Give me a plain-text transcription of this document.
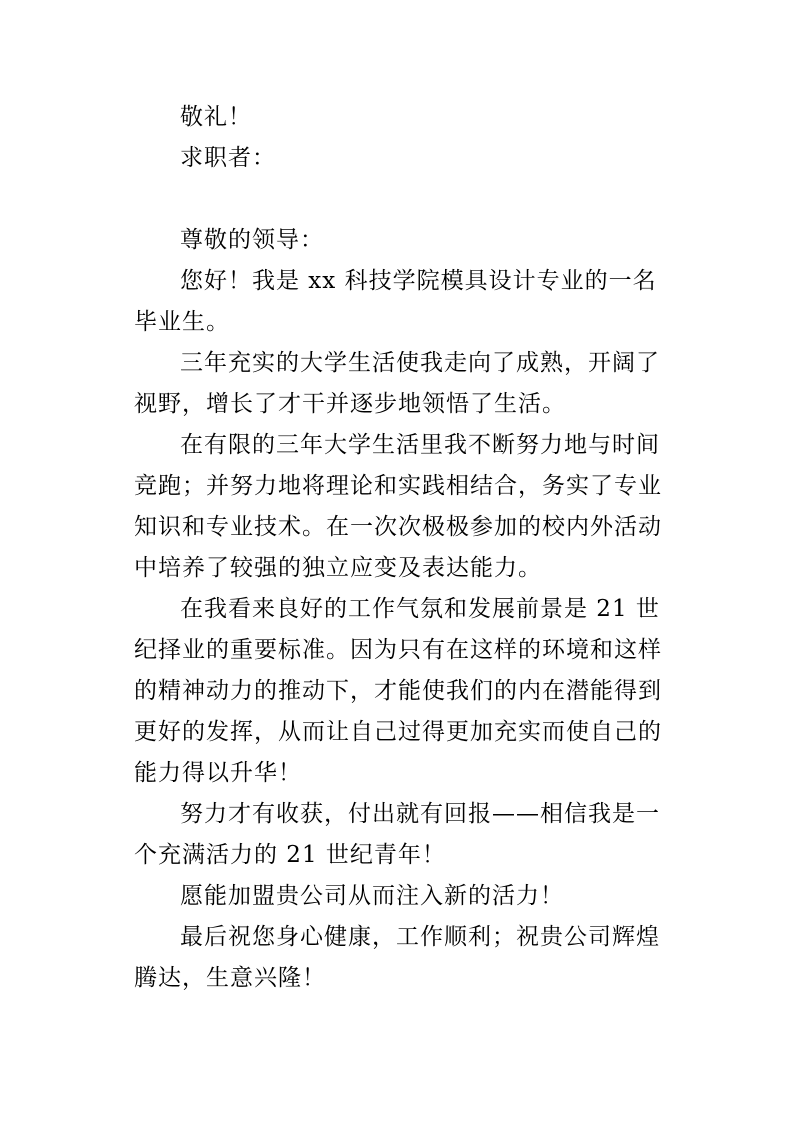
敬礼！

求职者：

尊敬的领导：

您好！我是 xx 科技学院模具设计专业的一名毕业生。

三年充实的大学生活使我走向了成熟，开阔了视野，增长了才干并逐步地领悟了生活。

在有限的三年大学生活里我不断努力地与时间竞跑；并努力地将理论和实践相结合，务实了专业知识和专业技术。在一次次极极参加的校内外活动中培养了较强的独立应变及表达能力。

在我看来良好的工作气氛和发展前景是 21 世纪择业的重要标准。因为只有在这样的环境和这样的精神动力的推动下，才能使我们的内在潜能得到更好的发挥，从而让自己过得更加充实而使自己的能力得以升华！

努力才有收获，付出就有回报——相信我是一个充满活力的 21 世纪青年！

愿能加盟贵公司从而注入新的活力！

最后祝您身心健康，工作顺利；祝贵公司辉煌腾达，生意兴隆！
